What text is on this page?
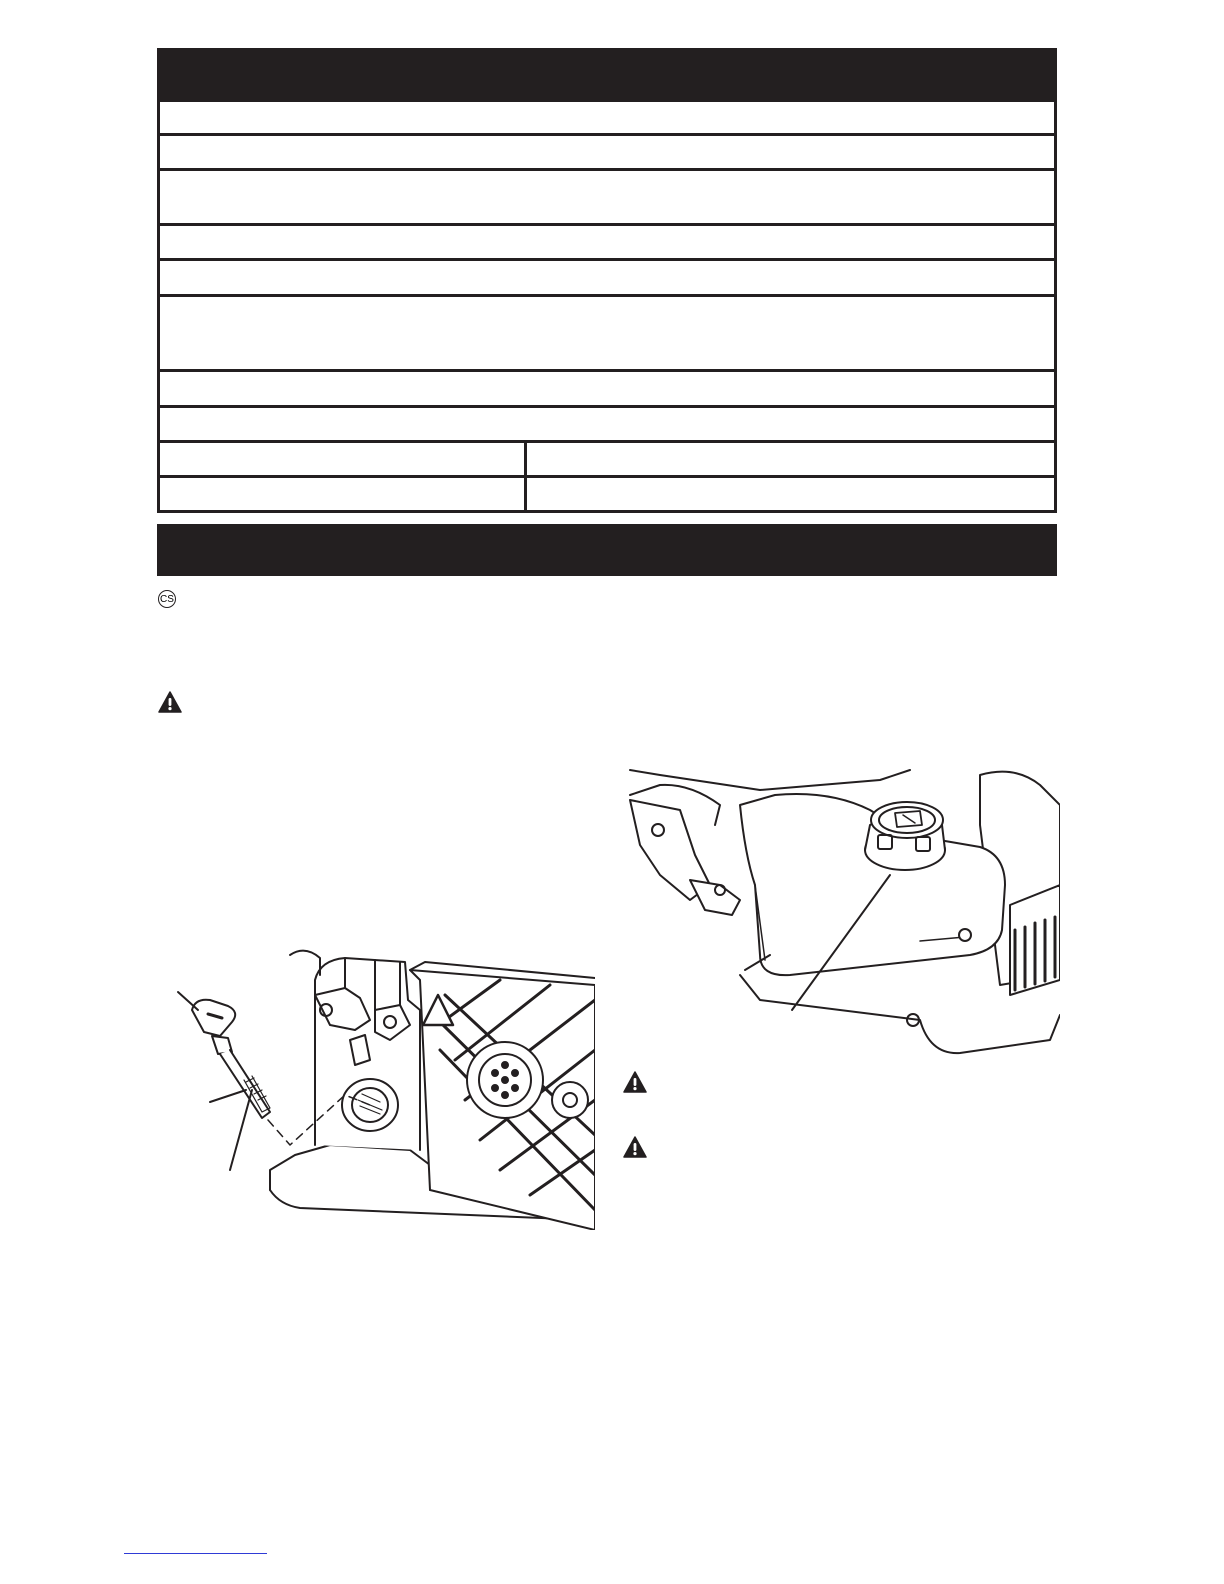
CS
